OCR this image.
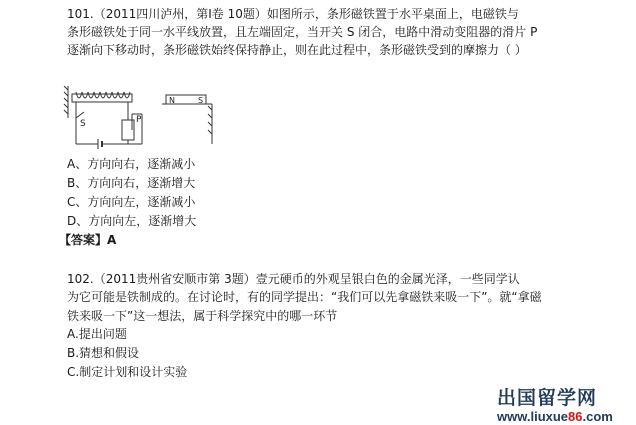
101.（2011四川泸州，第Ⅰ卷 10题）如图所示，条形磁铁置于水平桌面上，电磁铁与
条形磁铁处于同一水平线放置，且左端固定，当开关 S 闭合，电路中滑动变阻器的滑片 P
逐渐向下移动时，条形磁铁始终保持静止，则在此过程中，条形磁铁受到的摩擦力（ ）
S	P
N	S
A、方向向右，逐渐减小
B、方向向右，逐渐增大
C、方向向左，逐渐减小
D、方向向左，逐渐增大
【答案】A
102.（2011贵州省安顺市第 3题）壹元硬币的外观呈银白色的金属光泽，一些同学认
为它可能是铁制成的。在讨论时，有的同学提出：“我们可以先拿磁铁来吸一下”。就“拿磁
铁来吸一下”这一想法，属于科学探究中的哪一环节
A.提出问题
B.猜想和假设
C.制定计划和设计实验
出国留学网
www.liuxue86.com
